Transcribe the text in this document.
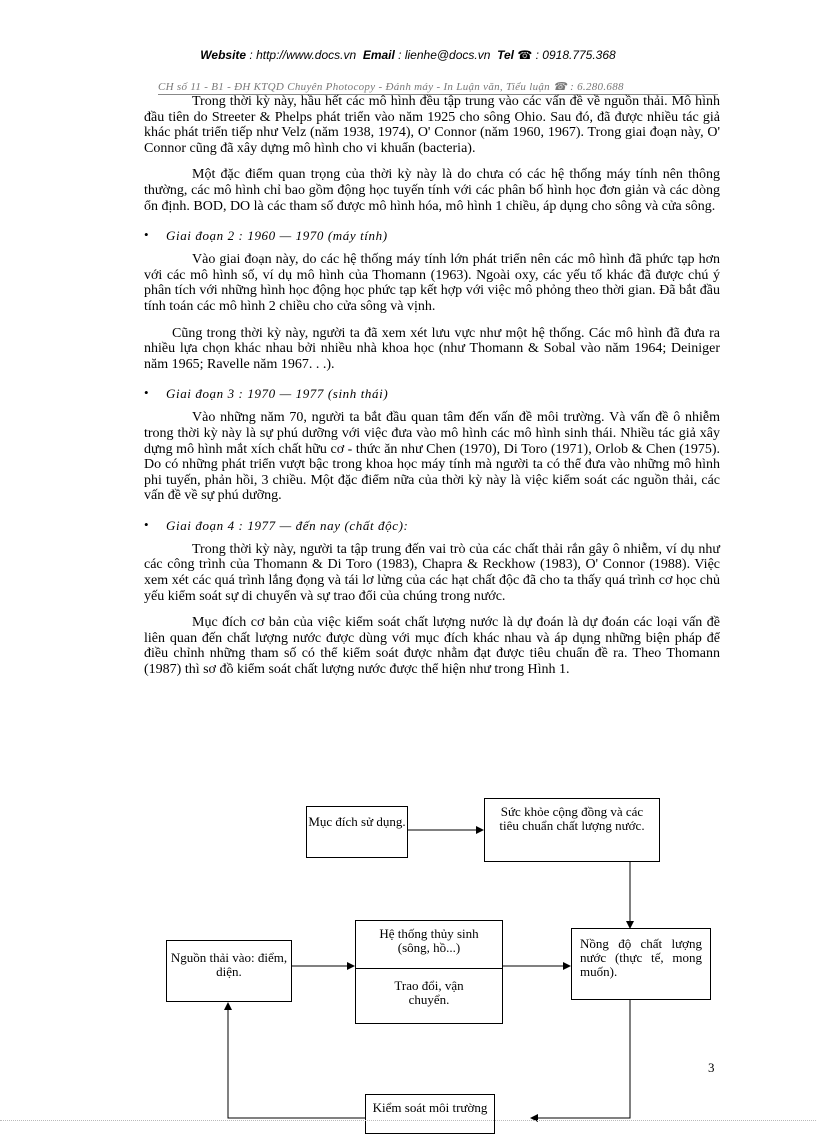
Website : http://www.docs.vn Email : lienhe@docs.vn Tel ☎ : 0918.775.368
CH số 11 - B1 - ĐH KTQD Chuyên Photocopy - Đánh máy - In Luận văn, Tiểu luận ☎ : 6.280.688

Trong thời kỳ này, hầu hết các mô hình đều tập trung vào các vấn đề về nguồn thải. Mô hình đầu tiên do Streeter & Phelps phát triển vào năm 1925 cho sông Ohio. Sau đó, đã được nhiều tác giả khác phát triển tiếp như Velz (năm 1938, 1974), O' Connor (năm 1960, 1967). Trong giai đoạn này, O' Connor cũng đã xây dựng mô hình cho vi khuẩn (bacteria).

Một đặc điểm quan trọng của thời kỳ này là do chưa có các hệ thống máy tính nên thông thường, các mô hình chỉ bao gồm động học tuyến tính với các phân bố hình học đơn giản và các dòng ổn định. BOD, DO là các tham số được mô hình hóa, mô hình 1 chiều, áp dụng cho sông và cửa sông.

• Giai đoạn 2 : 1960 — 1970 (máy tính)

Vào giai đoạn này, do các hệ thống máy tính lớn phát triển nên các mô hình đã phức tạp hơn với các mô hình số, ví dụ mô hình của Thomann (1963). Ngoài oxy, các yếu tố khác đã được chú ý phân tích với những hình học động học phức tạp kết hợp với việc mô phỏng theo thời gian. Đã bắt đầu tính toán các mô hình 2 chiều cho cửa sông và vịnh.

Cũng trong thời kỳ này, người ta đã xem xét lưu vực như một hệ thống. Các mô hình đã đưa ra nhiều lựa chọn khác nhau bởi nhiều nhà khoa học (như Thomann & Sobal vào năm 1964; Deiniger năm 1965; Ravelle năm 1967. . .).

• Giai đoạn 3 : 1970 — 1977 (sinh thái)

Vào những năm 70, người ta bắt đầu quan tâm đến vấn đề môi trường. Và vấn đề ô nhiễm trong thời kỳ này là sự phú dưỡng với việc đưa vào mô hình các mô hình sinh thái. Nhiều tác giả xây dựng mô hình mắt xích chất hữu cơ - thức ăn như Chen (1970), Di Toro (1971), Orlob & Chen (1975). Do có những phát triển vượt bậc trong khoa học máy tính mà người ta có thể đưa vào những mô hình phi tuyến, phản hồi, 3 chiều. Một đặc điểm nữa của thời kỳ này là việc kiểm soát các nguồn thải, các vấn đề về sự phú dưỡng.

• Giai đoạn 4 : 1977 — đến nay (chất độc):

Trong thời kỳ này, người ta tập trung đến vai trò của các chất thải rắn gây ô nhiễm, ví dụ như các công trình của Thomann & Di Toro (1983), Chapra & Reckhow (1983), O' Connor (1988). Việc xem xét các quá trình lắng đọng và tái lơ lửng của các hạt chất độc đã cho ta thấy quá trình cơ học chủ yếu kiểm soát sự di chuyển và sự trao đổi của chúng trong nước.

Mục đích cơ bản của việc kiểm soát chất lượng nước là dự đoán là dự đoán các loại vấn đề liên quan đến chất lượng nước được dùng với mục đích khác nhau và áp dụng những biện pháp để điều chỉnh những tham số có thể kiểm soát được nhằm đạt được tiêu chuẩn đề ra. Theo Thomann (1987) thì sơ đồ kiểm soát chất lượng nước được thể hiện như trong Hình 1.

Mục đích sử dụng.
Sức khỏe cộng đồng và các tiêu chuẩn chất lượng nước.
Nguồn thải vào: điểm, diện.
Hệ thống thủy sinh (sông, hồ...)
Trao đổi, vận chuyển.
Nồng độ chất lượng nước (thực tế, mong muốn).
Kiểm soát môi trường
3
